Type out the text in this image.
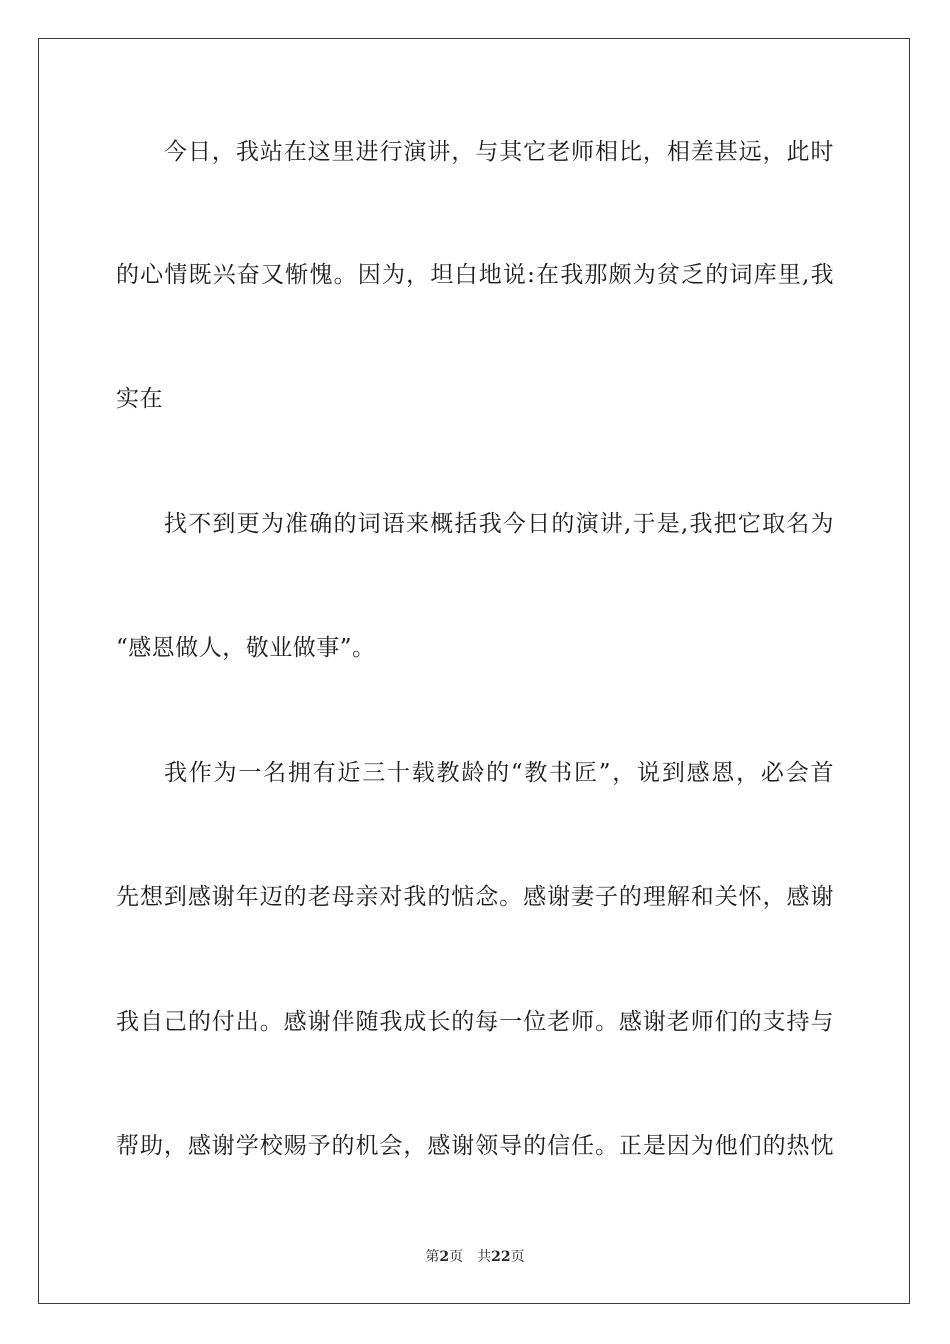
今日，我站在这里进行演讲，与其它老师相比，相差甚远，此时
的心情既兴奋又惭愧。因为，坦白地说:在我那颇为贫乏的词库里,我
实在
找不到更为准确的词语来概括我今日的演讲,于是,我把它取名为
“感恩做人，敬业做事”。
我作为一名拥有近三十载教龄的“教书匠”，说到感恩，必会首
先想到感谢年迈的老母亲对我的惦念。感谢妻子的理解和关怀，感谢
我自己的付出。感谢伴随我成长的每一位老师。感谢老师们的支持与
帮助，感谢学校赐予的机会，感谢领导的信任。正是因为他们的热忱
第2页 共22页
